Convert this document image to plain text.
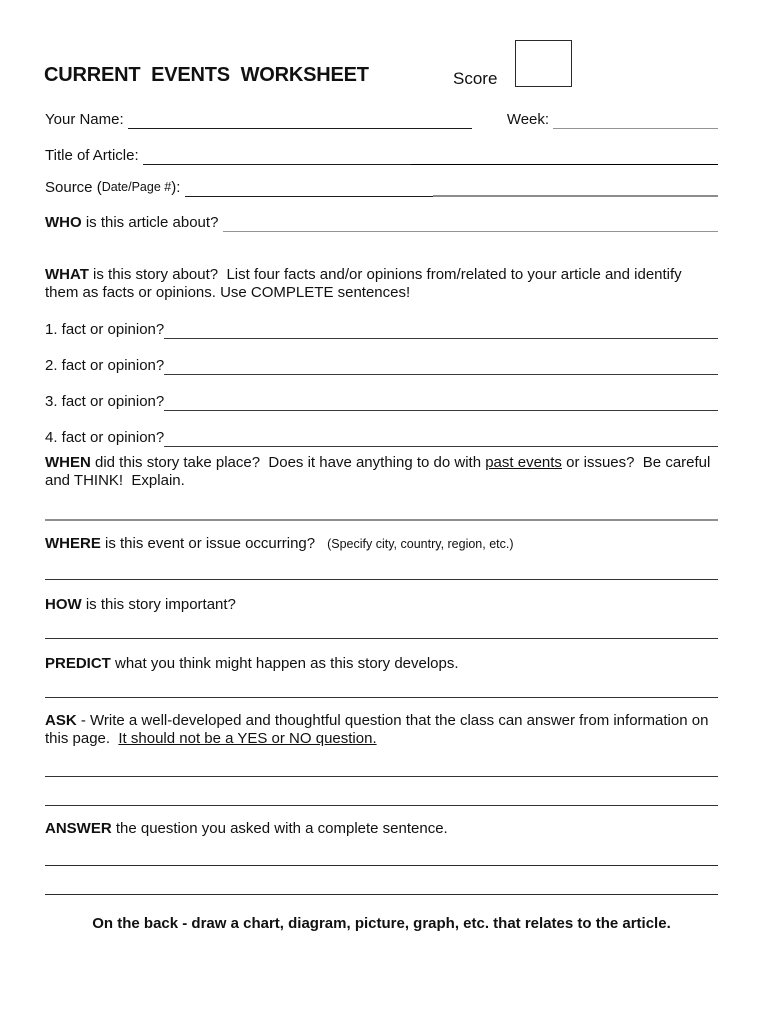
CURRENT  EVENTS  WORKSHEET	Score
Your Name:	Week:
Title of Article:
Source ( Date/Page # ):
WHO is this article about?
WHAT is this story about?  List four facts and/or opinions from/related to your article and identify them as facts or opinions. Use COMPLETE sentences!
1. fact or opinion?
2. fact or opinion?
3. fact or opinion?
4. fact or opinion?
WHEN did this story take place?  Does it have anything to do with past events or issues?  Be careful and THINK!  Explain.
WHERE is this event or issue occurring? (Specify city, country, region, etc.)
HOW is this story important?
PREDICT what you think might happen as this story develops.
ASK - Write a well-developed and thoughtful question that the class can answer from information on this page.  It should not be a YES or NO question.
ANSWER the question you asked with a complete sentence.
On the back - draw a chart, diagram, picture, graph, etc. that relates to the article.
